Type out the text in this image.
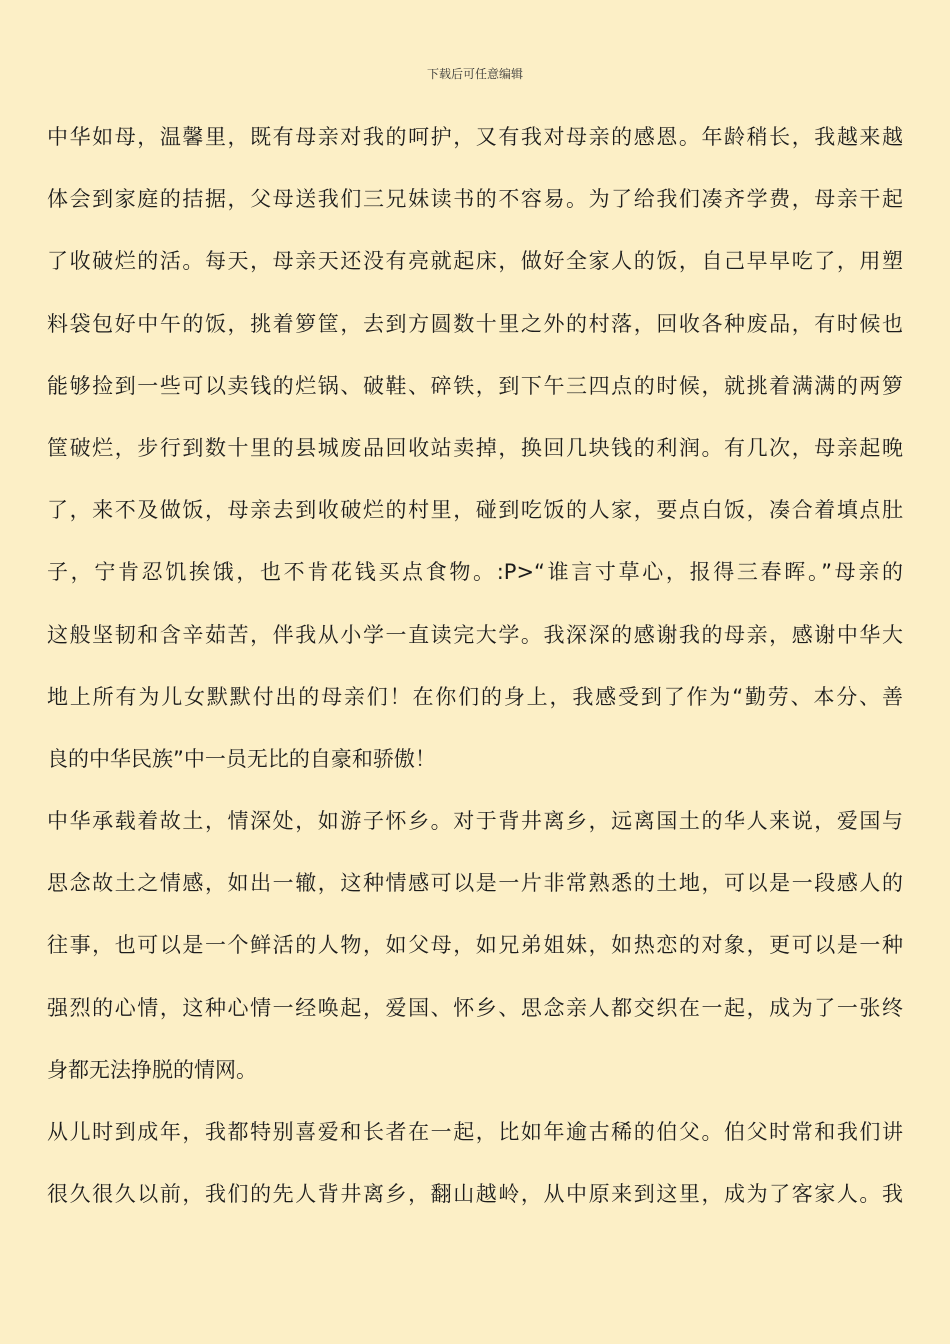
下载后可任意编辑
中华如母，温馨里，既有母亲对我的呵护，又有我对母亲的感恩。年龄稍长，我越来越
体会到家庭的拮据，父母送我们三兄妹读书的不容易。为了给我们凑齐学费，母亲干起
了收破烂的活。每天，母亲天还没有亮就起床，做好全家人的饭，自己早早吃了，用塑
料袋包好中午的饭，挑着箩筐，去到方圆数十里之外的村落，回收各种废品，有时候也
能够捡到一些可以卖钱的烂锅、破鞋、碎铁，到下午三四点的时候，就挑着满满的两箩
筐破烂，步行到数十里的县城废品回收站卖掉，换回几块钱的利润。有几次，母亲起晚
了，来不及做饭，母亲去到收破烂的村里，碰到吃饭的人家，要点白饭，凑合着填点肚
子，宁肯忍饥挨饿，也不肯花钱买点食物。:P>“谁言寸草心，报得三春晖。”母亲的
这般坚韧和含辛茹苦，伴我从小学一直读完大学。我深深的感谢我的母亲，感谢中华大
地上所有为儿女默默付出的母亲们！在你们的身上，我感受到了作为“勤劳、本分、善
良的中华民族”中一员无比的自豪和骄傲！
中华承载着故土，情深处，如游子怀乡。对于背井离乡，远离国土的华人来说，爱国与
思念故土之情感，如出一辙，这种情感可以是一片非常熟悉的土地，可以是一段感人的
往事，也可以是一个鲜活的人物，如父母，如兄弟姐妹，如热恋的对象，更可以是一种
强烈的心情，这种心情一经唤起，爱国、怀乡、思念亲人都交织在一起，成为了一张终
身都无法挣脱的情网。
从儿时到成年，我都特别喜爱和长者在一起，比如年逾古稀的伯父。伯父时常和我们讲
很久很久以前，我们的先人背井离乡，翻山越岭，从中原来到这里，成为了客家人。我
